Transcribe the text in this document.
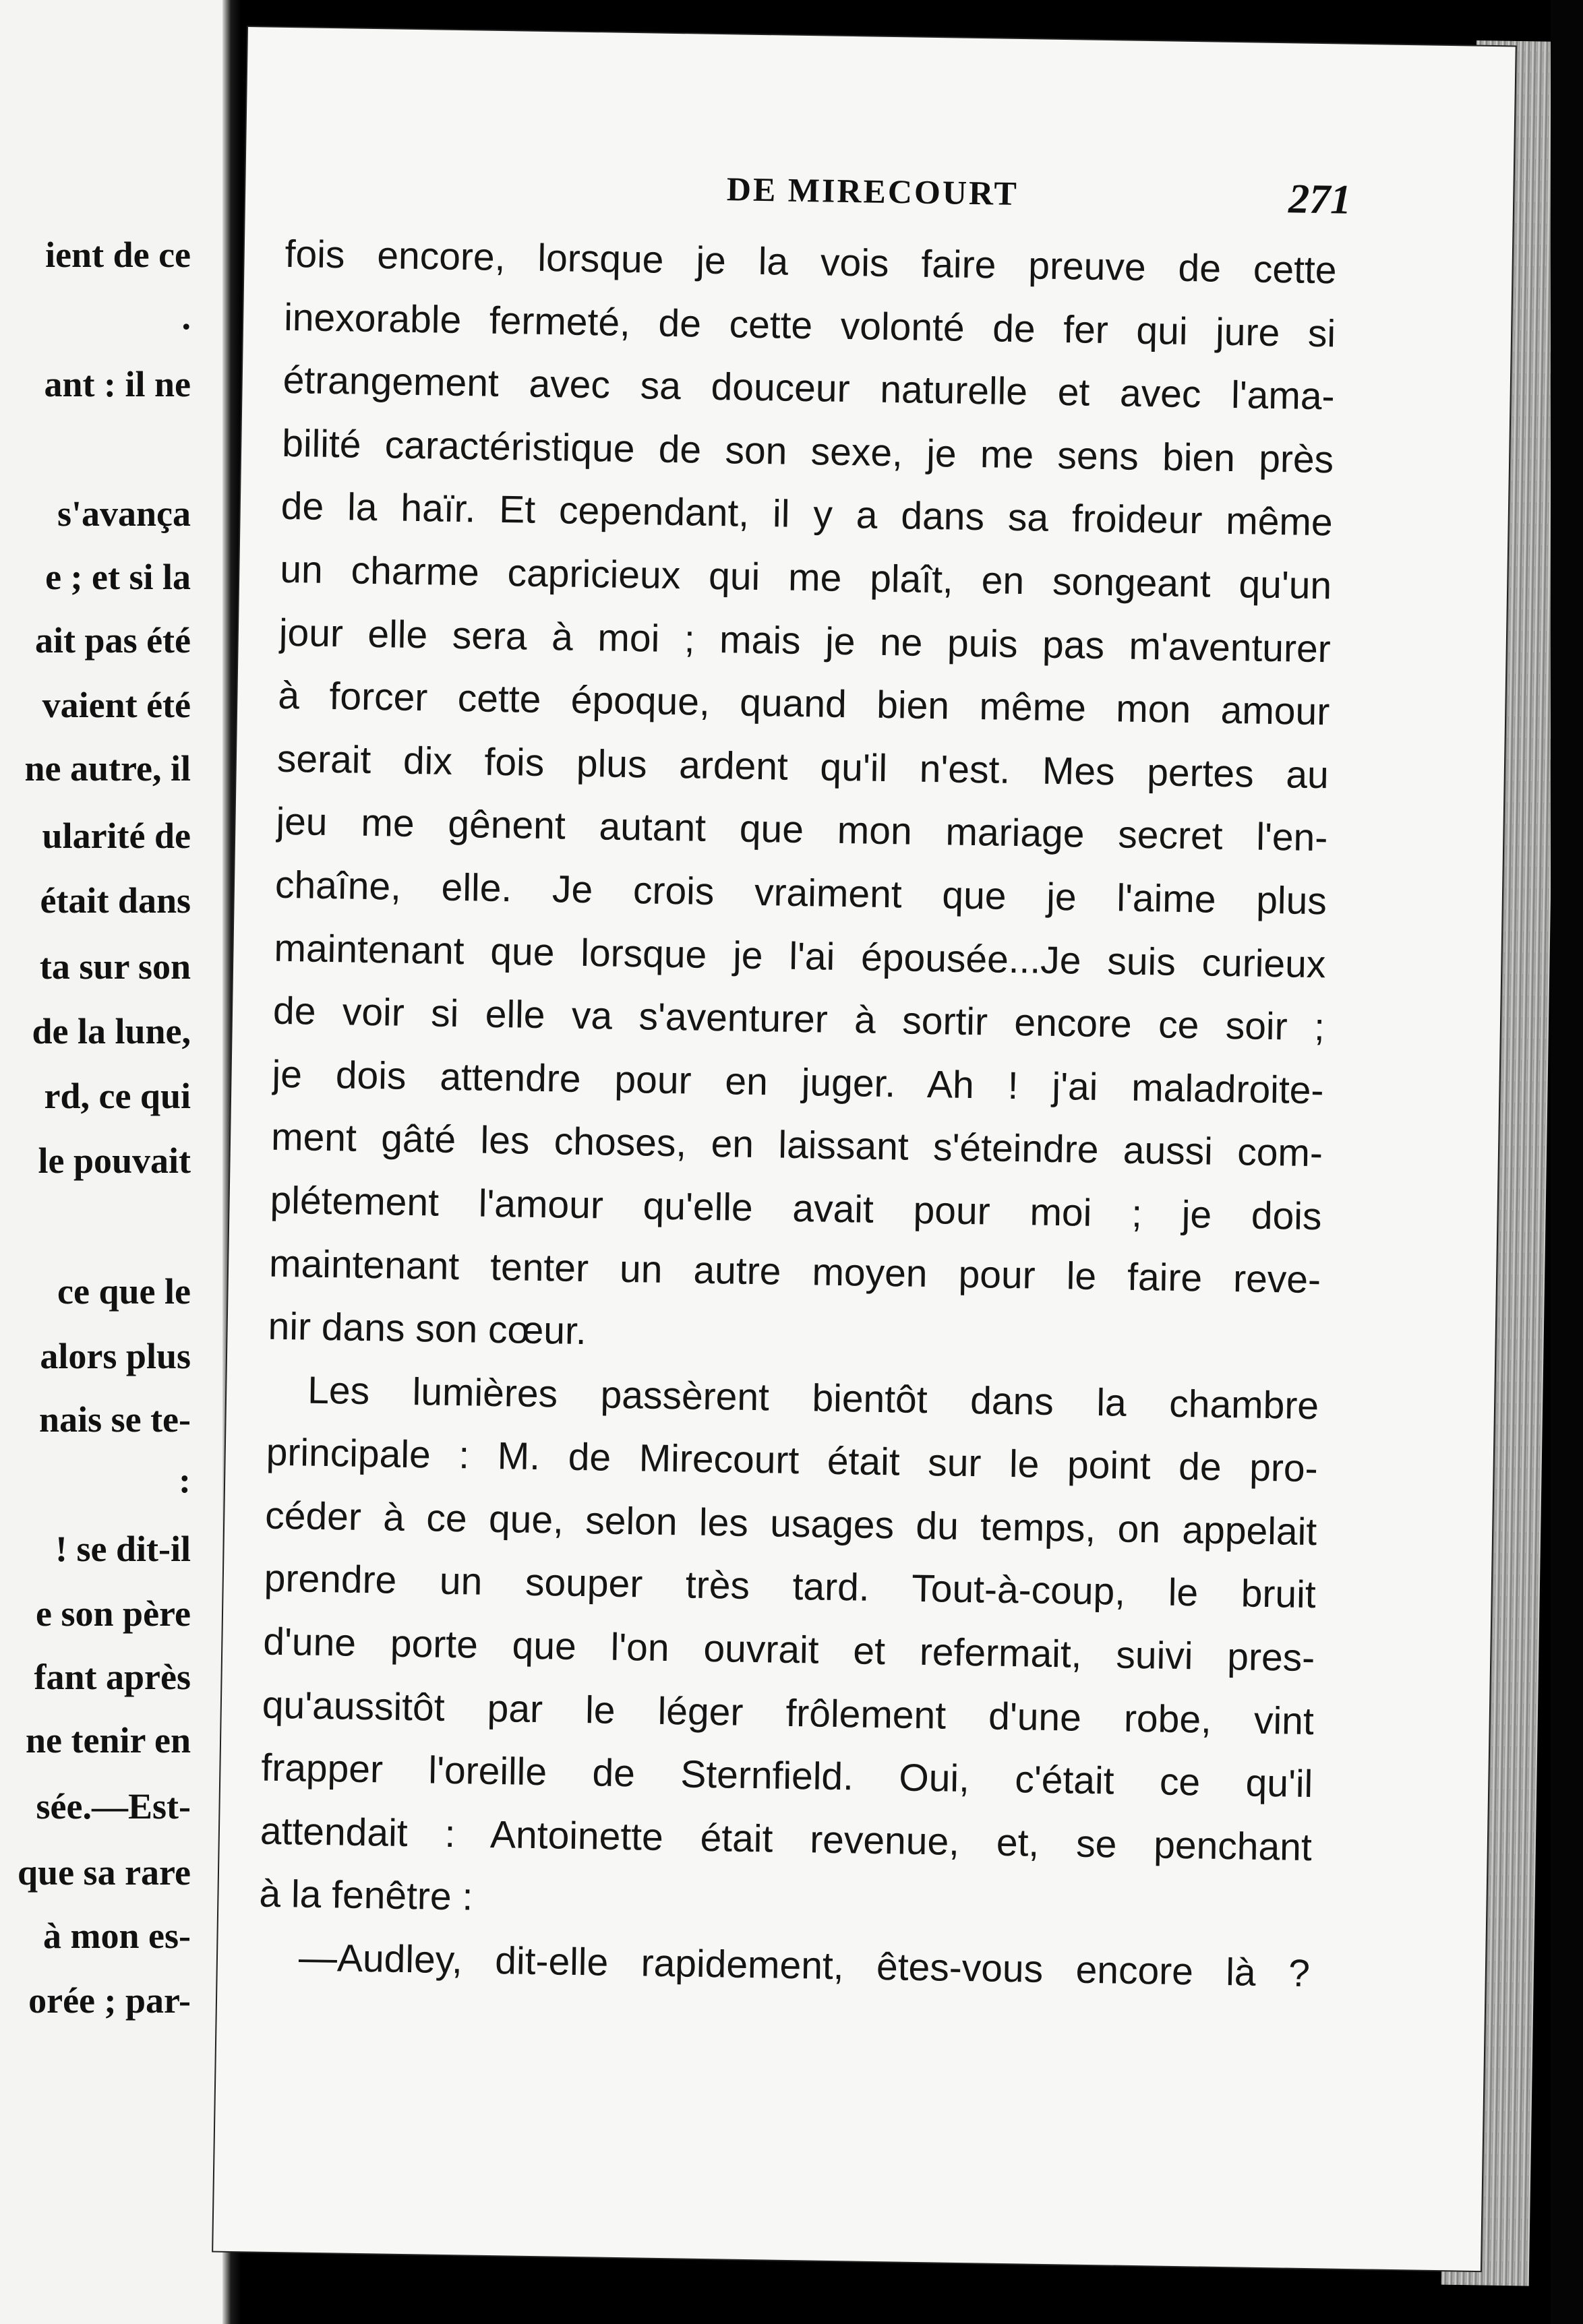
ient de ce
.
ant : il ne
s'avança
e ; et si la
ait pas été
vaient été
ne autre, il
ularité de
était dans
ta sur son
de la lune,
rd, ce qui
le pouvait
ce que le
alors plus
nais se te-
:
! se dit-il
e son père
fant après
ne tenir en
sée.—Est-
que sa rare
à mon es-
orée ; par-
DE MIRECOURT	271
fois encore, lorsque je la vois faire preuve de cette
inexorable fermeté, de cette volonté de fer qui jure si
étrangement avec sa douceur naturelle et avec l'ama-
bilité caractéristique de son sexe, je me sens bien près
de la haïr. Et cependant, il y a dans sa froideur même
un charme capricieux qui me plaît, en songeant qu'un
jour elle sera à moi ; mais je ne puis pas m'aventurer
à forcer cette époque, quand bien même mon amour
serait dix fois plus ardent qu'il n'est. Mes pertes au
jeu me gênent autant que mon mariage secret l'en-
chaîne, elle. Je crois vraiment que je l'aime plus
maintenant que lorsque je l'ai épousée...Je suis curieux
de voir si elle va s'aventurer à sortir encore ce soir ;
je dois attendre pour en juger. Ah ! j'ai maladroite-
ment gâté les choses, en laissant s'éteindre aussi com-
plétement l'amour qu'elle avait pour moi ; je dois
maintenant tenter un autre moyen pour le faire reve-
nir dans son cœur.
Les lumières passèrent bientôt dans la chambre
principale : M. de Mirecourt était sur le point de pro-
céder à ce que, selon les usages du temps, on appelait
prendre un souper très tard. Tout-à-coup, le bruit
d'une porte que l'on ouvrait et refermait, suivi pres-
qu'aussitôt par le léger frôlement d'une robe, vint
frapper l'oreille de Sternfield. Oui, c'était ce qu'il
attendait : Antoinette était revenue, et, se penchant
à la fenêtre :
—Audley, dit-elle rapidement, êtes-vous encore là ?
